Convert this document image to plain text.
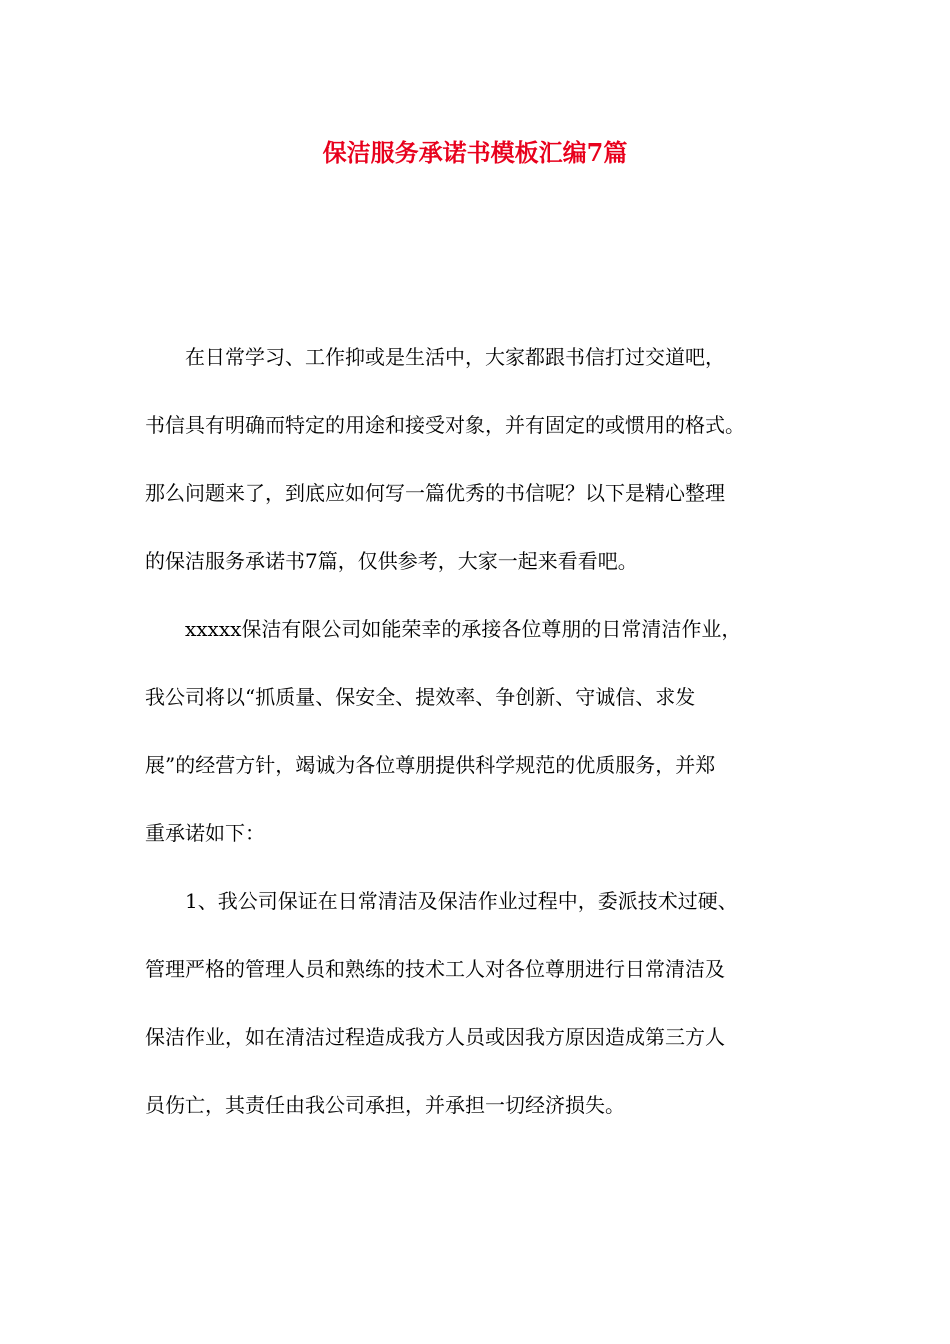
保洁服务承诺书模板汇编7篇

在日常学习、工作抑或是生活中，大家都跟书信打过交道吧，
书信具有明确而特定的用途和接受对象，并有固定的或惯用的格式。
那么问题来了，到底应如何写一篇优秀的书信呢？以下是精心整理
的保洁服务承诺书7篇，仅供参考，大家一起来看看吧。

xxxxx保洁有限公司如能荣幸的承接各位尊朋的日常清洁作业，
我公司将以“抓质量、保安全、提效率、争创新、守诚信、求发
展”的经营方针，竭诚为各位尊朋提供科学规范的优质服务，并郑
重承诺如下：

1、我公司保证在日常清洁及保洁作业过程中，委派技术过硬、
管理严格的管理人员和熟练的技术工人对各位尊朋进行日常清洁及
保洁作业，如在清洁过程造成我方人员或因我方原因造成第三方人
员伤亡，其责任由我公司承担，并承担一切经济损失。
